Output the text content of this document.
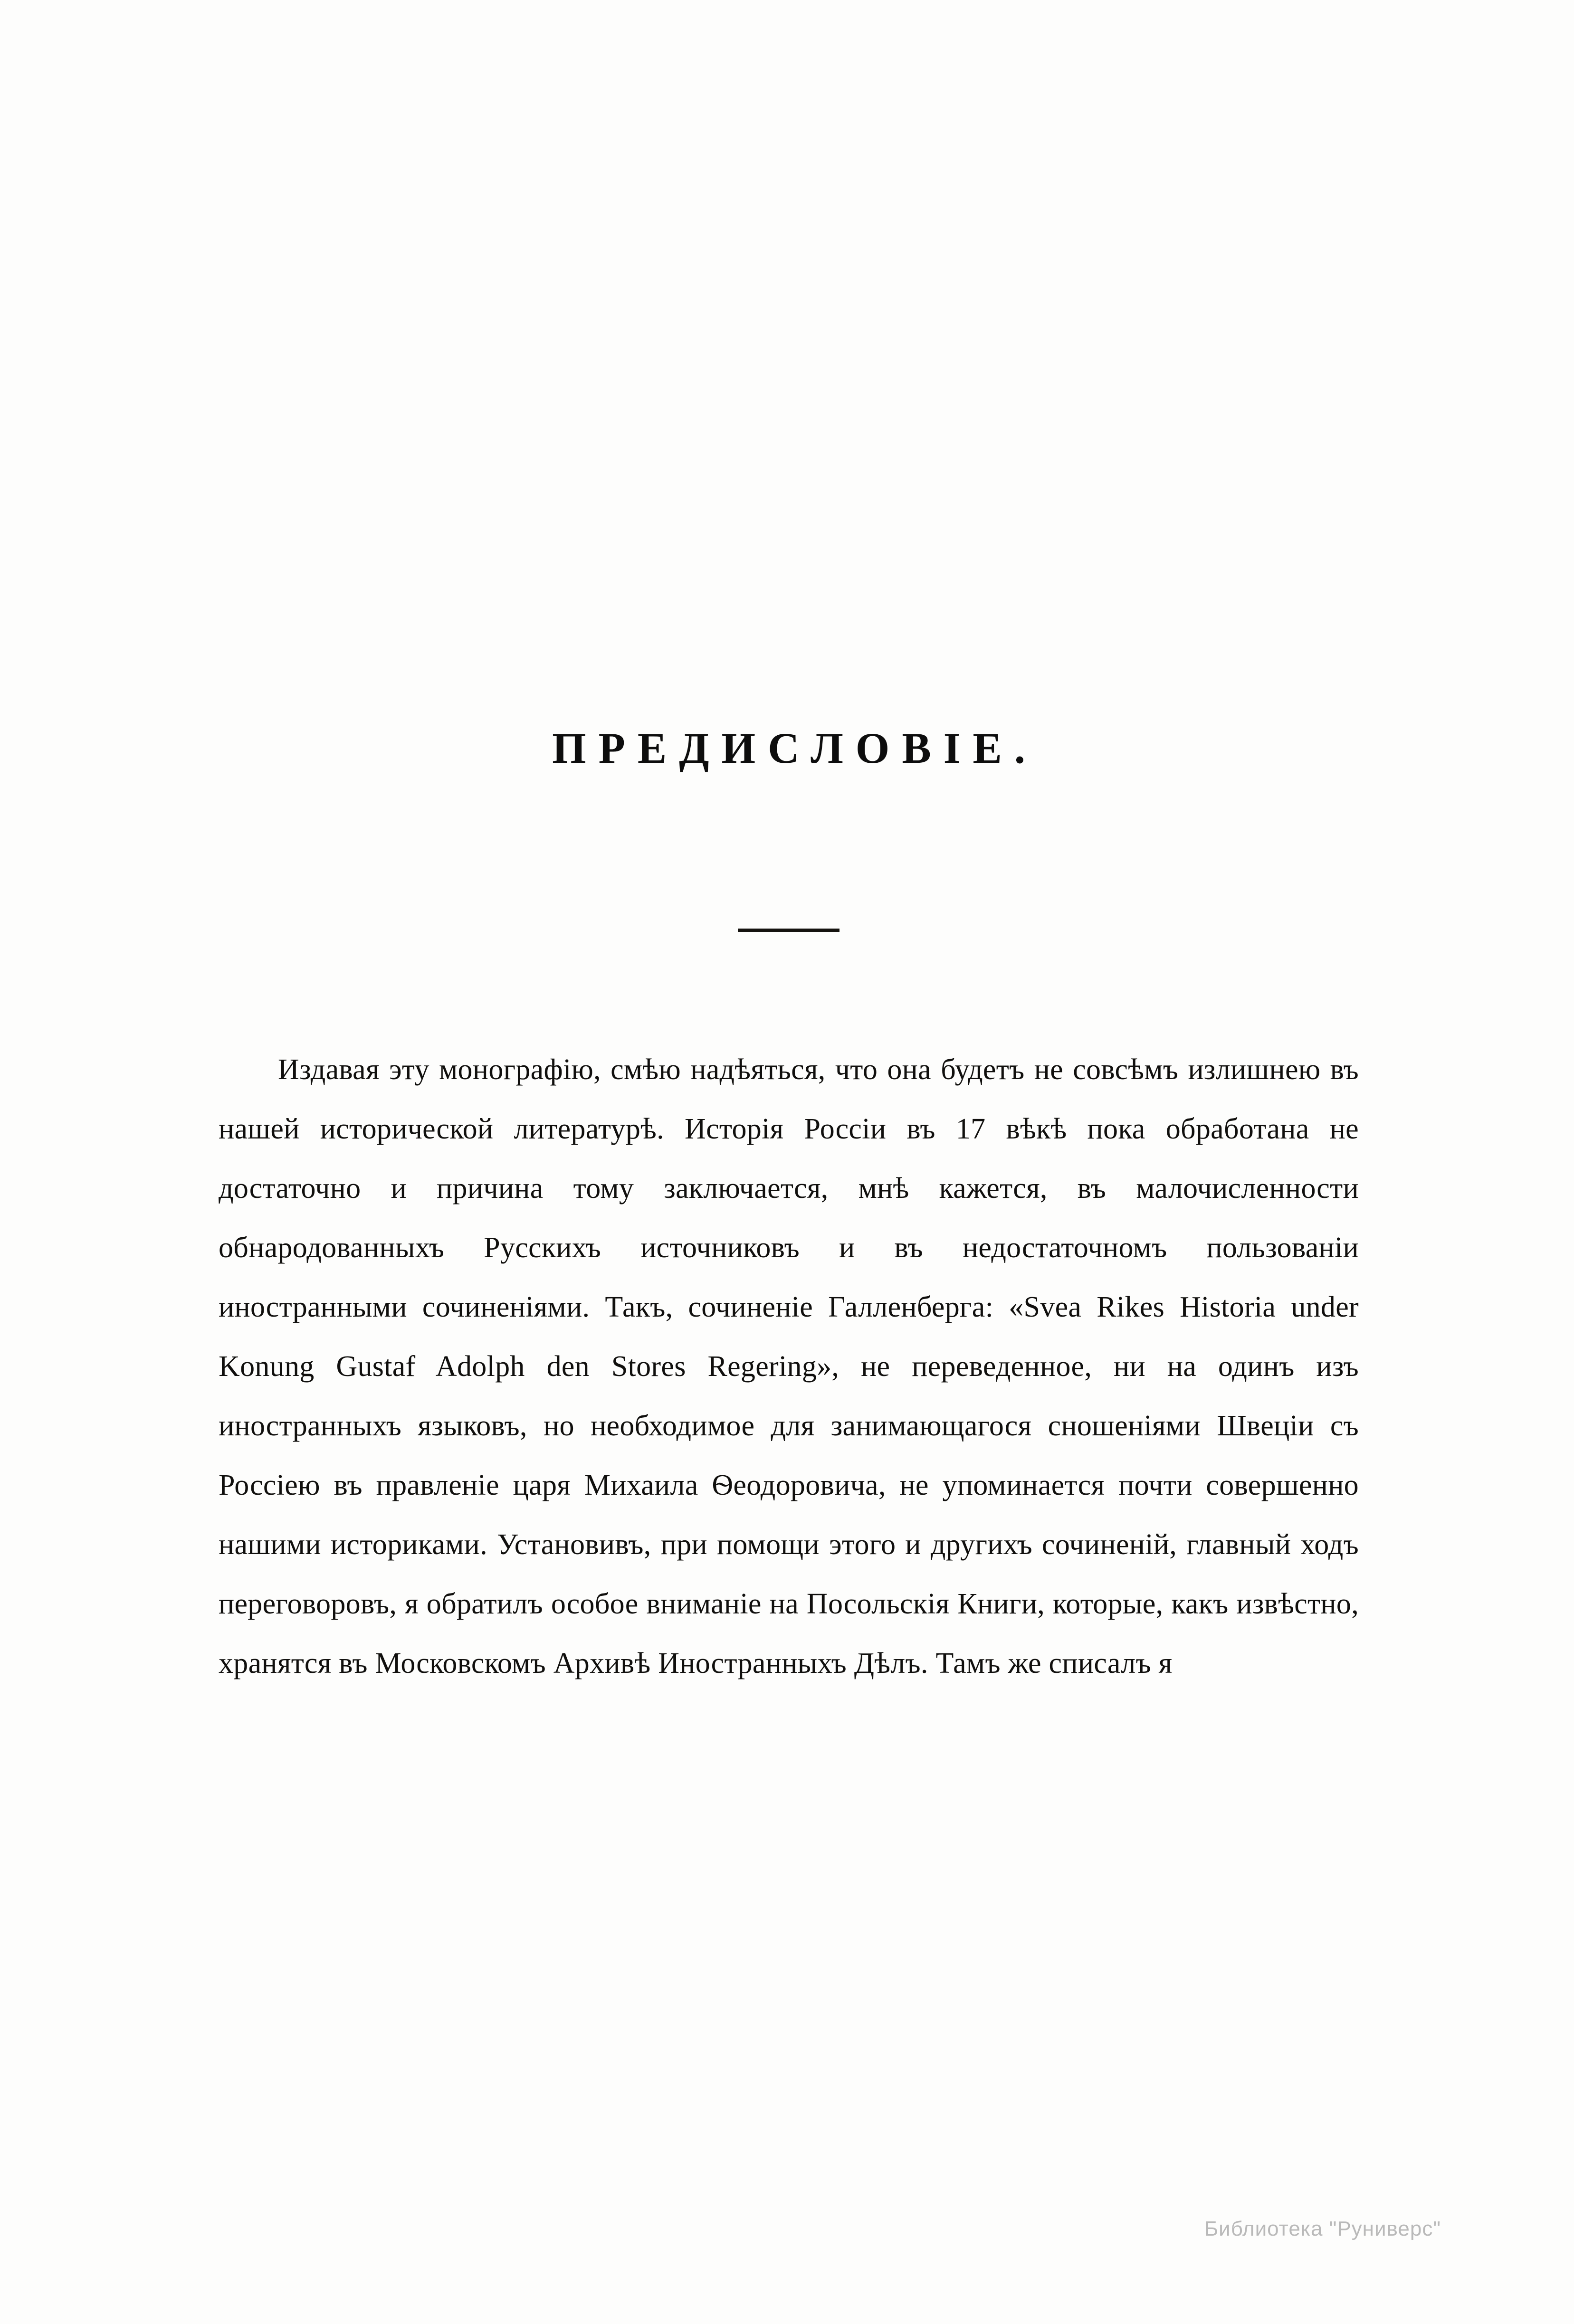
ПРЕДИСЛОВІЕ.

Издавая эту монографію, смѣю надѣяться, что она будетъ не совсѣмъ излишнею въ нашей исторической литературѣ. Исторія Россіи въ 17 вѣкѣ пока обработана не достаточно и причина тому заключается, мнѣ кажется, въ малочисленности обнародованныхъ Русскихъ источниковъ и въ недостаточномъ пользованіи иностранными сочиненіями. Такъ, сочиненіе Галленберга: «Svea Rikes Historia under Konung Gustaf Adolph den Stores Regering», не переведенное, ни на одинъ изъ иностранныхъ языковъ, но необходимое для занимающагося сношеніями Швеціи съ Россіею въ правленіе царя Михаила Ѳеодоровича, не упоминается почти совершенно нашими историками. Установивъ, при помощи этого и другихъ сочиненій, главный ходъ переговоровъ, я обратилъ особое вниманіе на Посольскія Книги, которые, какъ извѣстно, хранятся въ Московскомъ Архивѣ Иностранныхъ Дѣлъ. Тамъ же списалъ я

Библиотека "Руниверс"
